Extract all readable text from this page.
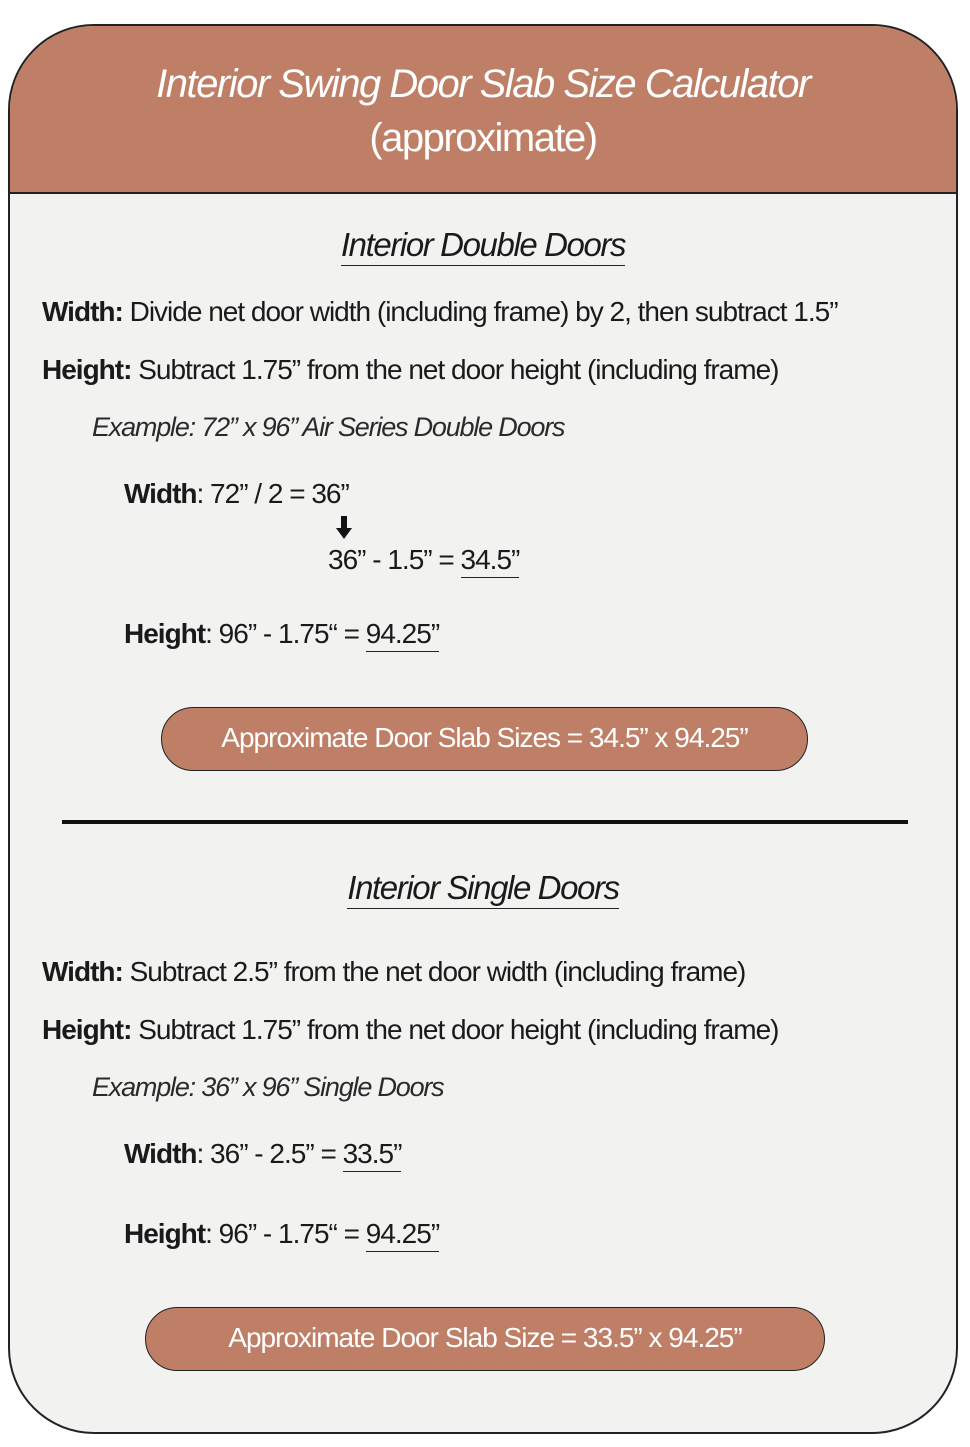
Interior Swing Door Slab Size Calculator
(approximate)
Interior Double Doors
Width: Divide net door width (including frame) by 2, then subtract 1.5”
Height: Subtract 1.75” from the net door height (including frame)
Example: 72” x 96” Air Series Double Doors
Width: 72” / 2 = 36”
36” - 1.5” = 34.5”
Height: 96” - 1.75“ = 94.25”
Approximate Door Slab Sizes = 34.5” x 94.25”
Interior Single Doors
Width: Subtract 2.5” from the net door width (including frame)
Height: Subtract 1.75” from the net door height (including frame)
Example: 36” x 96” Single Doors
Width: 36” - 2.5” = 33.5”
Height: 96” - 1.75“ = 94.25”
Approximate Door Slab Size = 33.5” x 94.25”
